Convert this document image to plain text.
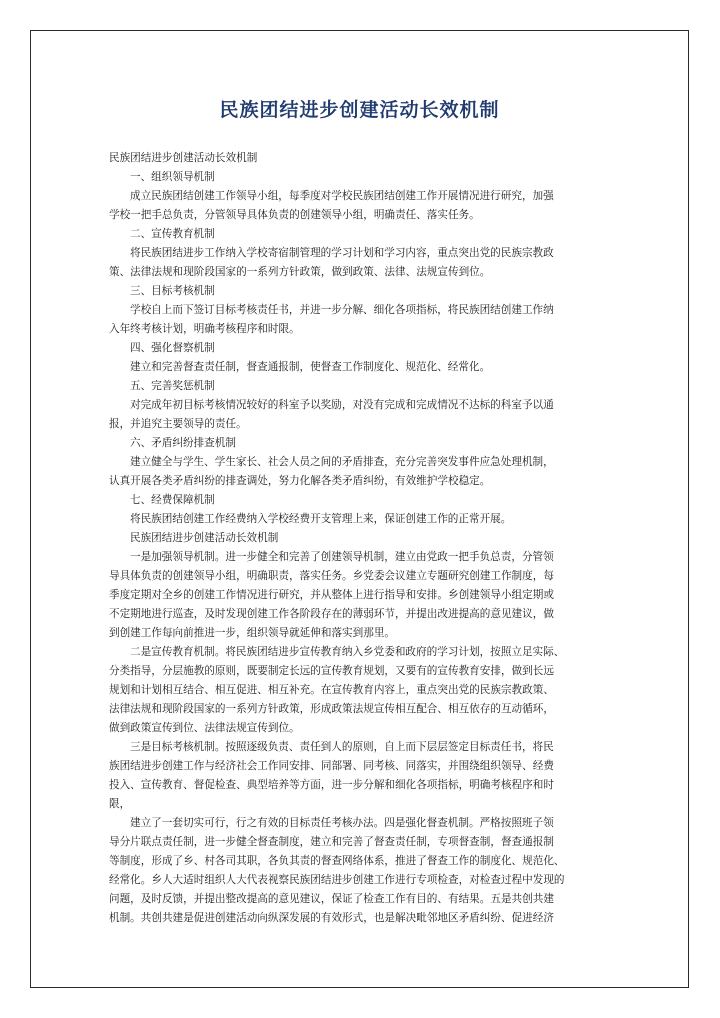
民族团结进步创建活动长效机制

民族团结进步创建活动长效机制

一、组织领导机制

成立民族团结创建工作领导小组，每季度对学校民族团结创建工作开展情况进行研究，加强

学校一把手总负责，分管领导具体负责的创建领导小组，明确责任、落实任务。

二、宣传教育机制

将民族团结进步工作纳入学校寄宿制管理的学习计划和学习内容，重点突出党的民族宗教政

策、法律法规和现阶段国家的一系列方针政策，做到政策、法律、法规宣传到位。

三、目标考核机制

学校自上而下签订目标考核责任书，并进一步分解、细化各项指标，将民族团结创建工作纳

入年终考核计划，明确考核程序和时限。

四、强化督察机制

建立和完善督查责任制，督查通报制，使督查工作制度化、规范化、经常化。

五、完善奖惩机制

对完成年初目标考核情况较好的科室予以奖励，对没有完成和完成情况不达标的科室予以通

报，并追究主要领导的责任。

六、矛盾纠纷排查机制

建立健全与学生、学生家长、社会人员之间的矛盾排查，充分完善突发事件应急处理机制，

认真开展各类矛盾纠纷的排查调处，努力化解各类矛盾纠纷，有效维护学校稳定。

七、经费保障机制

将民族团结创建工作经费纳入学校经费开支管理上来，保证创建工作的正常开展。

民族团结进步创建活动长效机制

一是加强领导机制。进一步健全和完善了创建领导机制，建立由党政一把手负总责，分管领

导具体负责的创建领导小组，明确职责，落实任务。乡党委会议建立专题研究创建工作制度，每

季度定期对全乡的创建工作情况进行研究，并从整体上进行指导和安排。乡创建领导小组定期或

不定期地进行巡查，及时发现创建工作各阶段存在的薄弱环节，并提出改进提高的意见建议，做

到创建工作每向前推进一步，组织领导就延伸和落实到那里。

二是宣传教育机制。将民族团结进步宣传教育纳入乡党委和政府的学习计划，按照立足实际、

分类指导，分层施教的原则，既要制定长远的宣传教育规划，又要有的宣传教育安排，做到长远

规划和计划相互结合、相互促进、相互补充。在宣传教育内容上，重点突出党的民族宗教政策、

法律法规和现阶段国家的一系列方针政策，形成政策法规宣传相互配合、相互依存的互动循环，

做到政策宣传到位、法律法规宣传到位。

三是目标考核机制。按照逐级负责、责任到人的原则，自上而下层层签定目标责任书，将民

族团结进步创建工作与经济社会工作同安排、同部署、同考核、同落实，并围绕组织领导、经费

投入、宣传教育、督促检查、典型培养等方面，进一步分解和细化各项指标，明确考核程序和时

限，

建立了一套切实可行，行之有效的目标责任考核办法。四是强化督查机制。严格按照班子领

导分片联点责任制，进一步健全督查制度，建立和完善了督查责任制，专项督查制，督查通报制

等制度，形成了乡、村各司其职，各负其责的督查网络体系，推进了督查工作的制度化、规范化、

经常化。乡人大适时组织人大代表视察民族团结进步创建工作进行专项检查，对检查过程中发现的

问题，及时反馈，并提出整改提高的意见建议，保证了检查工作有目的、有结果。五是共创共建

机制。共创共建是促进创建活动向纵深发展的有效形式，也是解决毗邻地区矛盾纠纷、促进经济
